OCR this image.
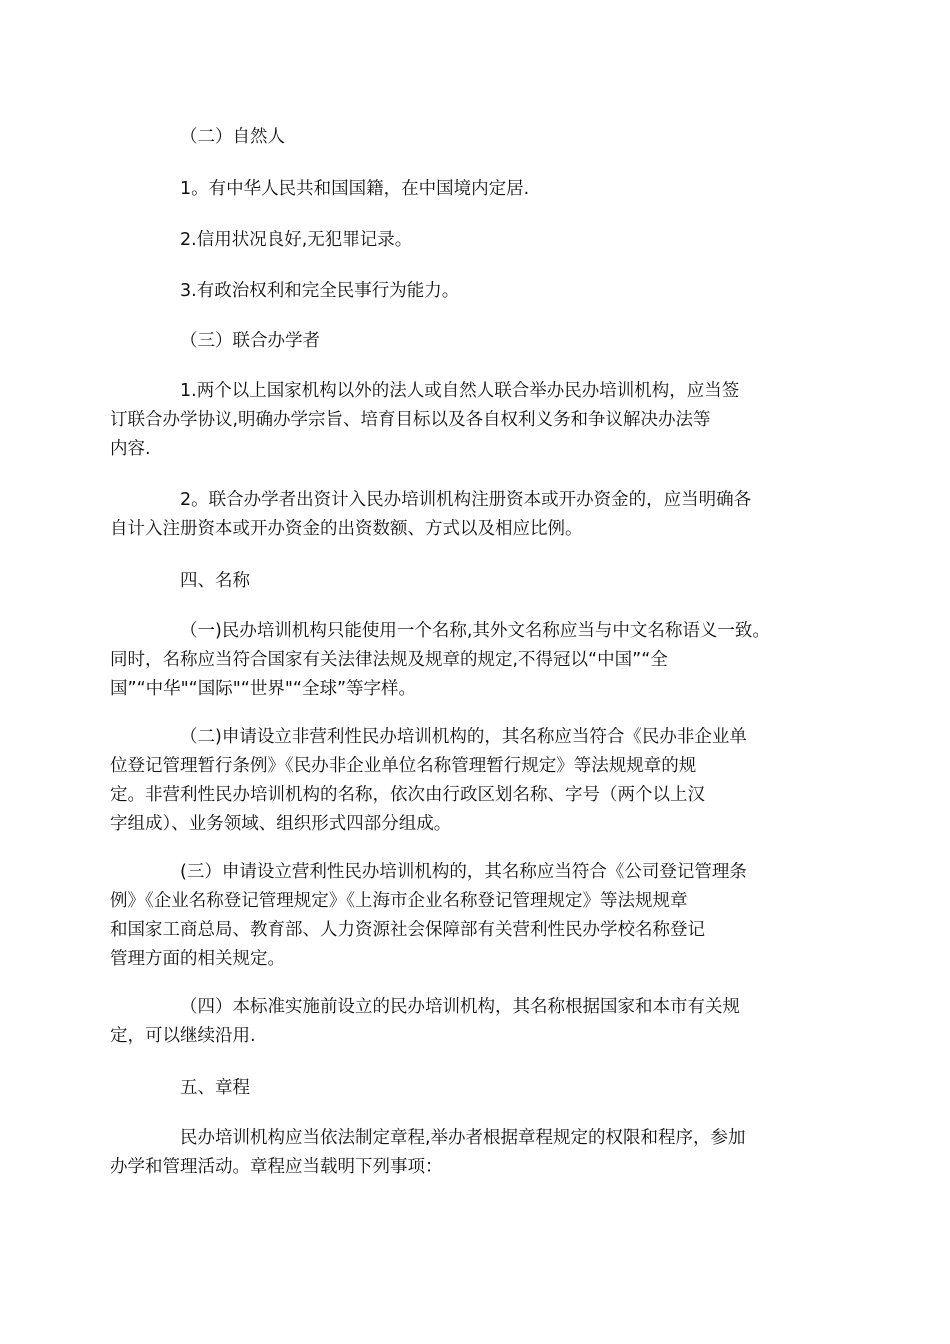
（二）自然人

1。有中华人民共和国国籍，在中国境内定居.

2.信用状况良好,无犯罪记录。

3.有政治权利和完全民事行为能力。

（三）联合办学者

1.两个以上国家机构以外的法人或自然人联合举办民办培训机构，应当签
订联合办学协议,明确办学宗旨、培育目标以及各自权利义务和争议解决办法等
内容.

2。联合办学者出资计入民办培训机构注册资本或开办资金的，应当明确各
自计入注册资本或开办资金的出资数额、方式以及相应比例。

四、名称

（一)民办培训机构只能使用一个名称,其外文名称应当与中文名称语义一致。
同时，名称应当符合国家有关法律法规及规章的规定,不得冠以“中国”“全
国”“中华"“国际"“世界"“全球”等字样。

（二)申请设立非营利性民办培训机构的，其名称应当符合《民办非企业单
位登记管理暂行条例》《民办非企业单位名称管理暂行规定》等法规规章的规
定。非营利性民办培训机构的名称，依次由行政区划名称、字号（两个以上汉
字组成）、业务领域、组织形式四部分组成。

(三）申请设立营利性民办培训机构的，其名称应当符合《公司登记管理条
例》《企业名称登记管理规定》《上海市企业名称登记管理规定》等法规规章
和国家工商总局、教育部、人力资源社会保障部有关营利性民办学校名称登记
管理方面的相关规定。

（四）本标准实施前设立的民办培训机构，其名称根据国家和本市有关规
定，可以继续沿用.

五、章程

民办培训机构应当依法制定章程,举办者根据章程规定的权限和程序，参加
办学和管理活动。章程应当载明下列事项：
